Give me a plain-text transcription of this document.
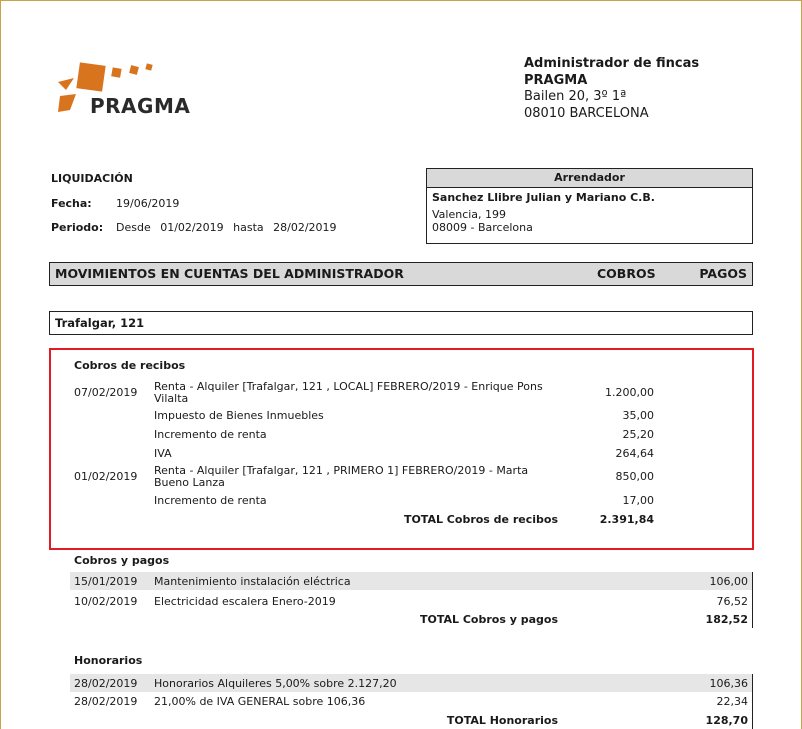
PRAGMA
Administrador de fincas
PRAGMA
Bailen 20, 3º 1ª
08010 BARCELONA
LIQUIDACIÓN
Fecha: 19/06/2019
Periodo: Desde 01/02/2019 hasta 28/02/2019
Arrendador
Sanchez Llibre Julian y Mariano C.B.
Valencia, 199
08009 - Barcelona
MOVIMIENTOS EN CUENTAS DEL ADMINISTRADOR	COBROS	PAGOS
Trafalgar, 121
Cobros de recibos
07/02/2019 Renta - Alquiler [Trafalgar, 121 , LOCAL] FEBRERO/2019 - Enrique Pons
Vilalta	1.200,00
Impuesto de Bienes Inmuebles	35,00
Incremento de renta	25,20
IVA	264,64
01/02/2019 Renta - Alquiler [Trafalgar, 121 , PRIMERO 1] FEBRERO/2019 - Marta
Bueno Lanza	850,00
Incremento de renta	17,00
TOTAL Cobros de recibos	2.391,84
Cobros y pagos
15/01/2019 Mantenimiento instalación eléctrica	106,00
10/02/2019 Electricidad escalera Enero-2019	76,52
TOTAL Cobros y pagos	182,52
Honorarios
28/02/2019 Honorarios Alquileres 5,00% sobre 2.127,20	106,36
28/02/2019 21,00% de IVA GENERAL sobre 106,36	22,34
TOTAL Honorarios	128,70
